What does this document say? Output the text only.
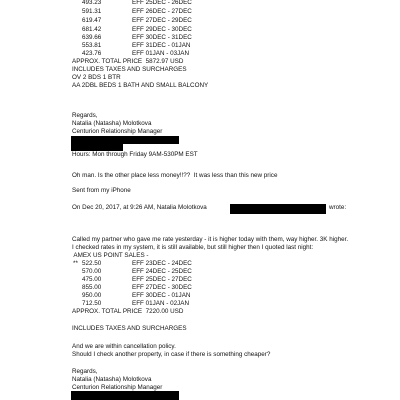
493.23	EFF 25DEC - 26DEC
591.31	EFF 26DEC - 27DEC
619.47	EFF 27DEC - 29DEC
681.42	EFF 29DEC - 30DEC
639.66	EFF 30DEC - 31DEC
553.81	EFF 31DEC - 01JAN
423.76	EFF 01JAN - 03JAN
APPROX. TOTAL PRICE  5872.97 USD
INCLUDES TAXES AND SURCHARGES
OV 2 BDS 1 BTR
AA 2DBL BEDS 1 BATH AND SMALL BALCONY
Regards,
Natalia (Natasha) Molotkova
Centurion Relationship Manager
Hours: Mon through Friday 9AM-530PM EST
Oh man. Is the other place less money!!??  It was less than this new price
Sent from my iPhone
On Dec 20, 2017, at 9:26 AM, Natalia Molotkova	wrote:
Called my partner who gave me rate yesterday - it is higher today with them, way higher. 3K higher.
I checked rates in my system, it is still available, but still higher then I quoted last night:
AMEX US POINT SALES -
** 522.50	EFF 23DEC - 24DEC
570.00	EFF 24DEC - 25DEC
475.00	EFF 25DEC - 27DEC
855.00	EFF 27DEC - 30DEC
950.00	EFF 30DEC - 01JAN
712.50	EFF 01JAN - 02JAN
APPROX. TOTAL PRICE  7220.00 USD
INCLUDES TAXES AND SURCHARGES
And we are within cancellation policy.
Should I check another property, in case if there is something cheaper?
Regards,
Natalia (Natasha) Molotkova
Centurion Relationship Manager
